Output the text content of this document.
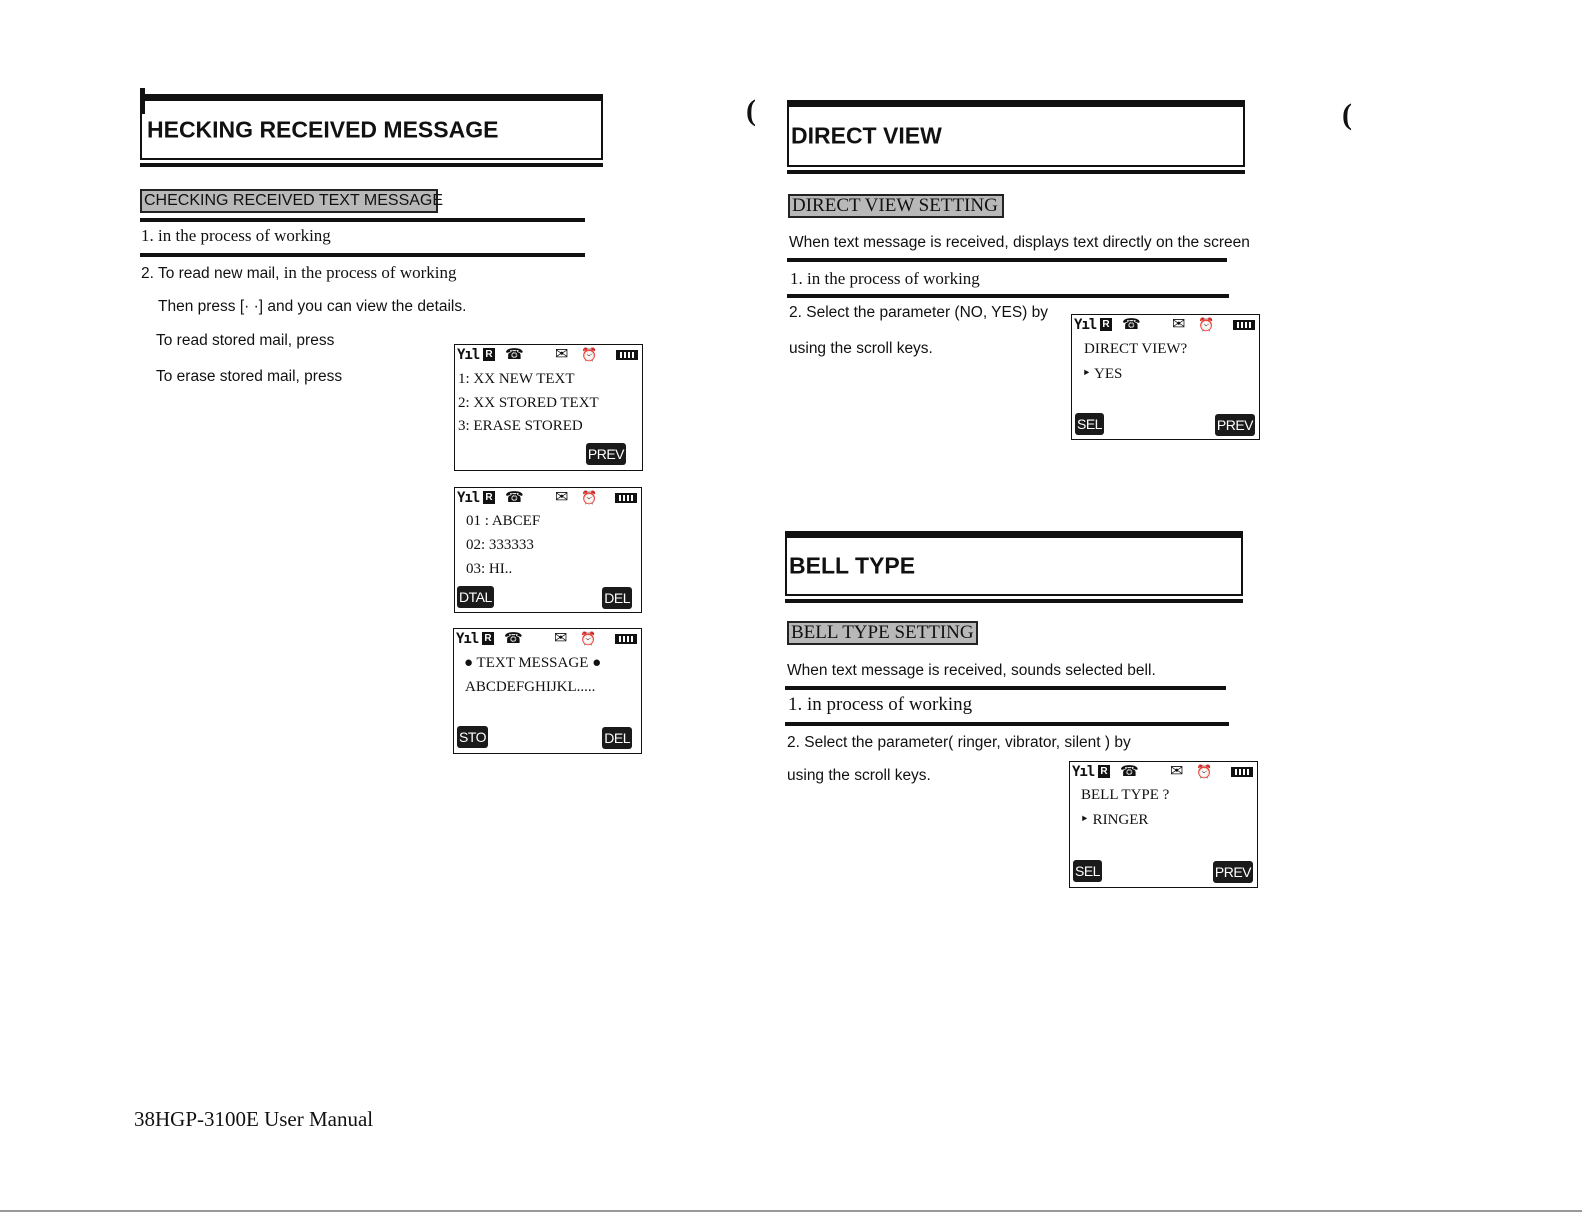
HECKING RECEIVED MESSAGE
CHECKING RECEIVED TEXT MESSAGE
1. in the process of working
2. To read new mail, in the process of working
Then press [· ·] and you can view the details.
To read stored mail, press
To erase stored mail, press
Yıl R ☎ ✉ ⏰
1: XX NEW TEXT
2: XX STORED TEXT
3: ERASE STORED
PREV
Yıl R ☎ ✉ ⏰
01 : ABCEF
02: 333333
03: HI..
DTAL	DEL
Yıl R ☎ ✉ ⏰
● TEXT MESSAGE ●
ABCDEFGHIJKL.....
STO	DEL
38HGP-3100E User Manual
(	(
DIRECT VIEW
DIRECT VIEW SETTING
When text message is received, displays text directly on the screen
1. in the process of working
2. Select the parameter (NO, YES) by
using the scroll keys.
Yıl R ☎ ✉ ⏰
DIRECT VIEW?
‣ YES
SEL	PREV
BELL TYPE
BELL TYPE SETTING
When text message is received, sounds selected bell.
1. in process of working
2. Select the parameter( ringer, vibrator, silent ) by
using the scroll keys.	Yıl R ☎ ✉ ⏰
BELL TYPE ?
‣ RINGER
SEL	PREV
